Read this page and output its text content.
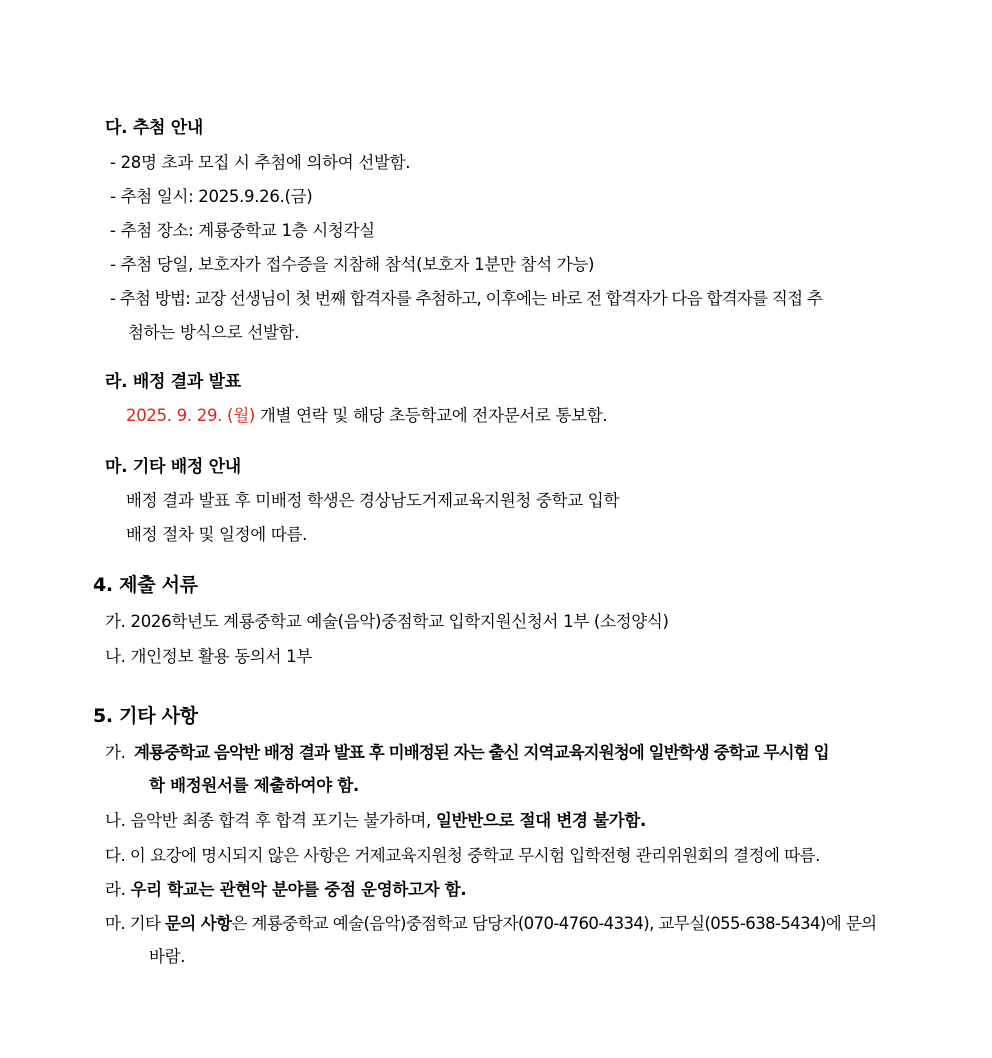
다. 추첨 안내
- 28명 초과 모집 시 추첨에 의하여 선발함.
- 추첨 일시: 2025.9.26.(금)
- 추첨 장소: 계룡중학교 1층 시청각실
- 추첨 당일, 보호자가 접수증을 지참해 참석(보호자 1분만 참석 가능)
- 추첨 방법: 교장 선생님이 첫 번째 합격자를 추첨하고, 이후에는 바로 전 합격자가 다음 합격자를 직접 추
첨하는 방식으로 선발함.
라. 배정 결과 발표
2025. 9. 29. (월) 개별 연락 및 해당 초등학교에 전자문서로 통보함.
마. 기타 배정 안내
배정 결과 발표 후 미배정 학생은 경상남도거제교육지원청 중학교 입학
배정 절차 및 일정에 따름.
4. 제출 서류
가. 2026학년도 계룡중학교 예술(음악)중점학교 입학지원신청서 1부 (소정양식)
나. 개인정보 활용 동의서 1부
5. 기타 사항
가. 계룡중학교 음악반 배정 결과 발표 후 미배정된 자는 출신 지역교육지원청에 일반학생 중학교 무시험 입
학 배정원서를 제출하여야 함.
나. 음악반 최종 합격 후 합격 포기는 불가하며, 일반반으로 절대 변경 불가함.
다. 이 요강에 명시되지 않은 사항은 거제교육지원청 중학교 무시험 입학전형 관리위원회의 결정에 따름.
라. 우리 학교는 관현악 분야를 중점 운영하고자 함.
마. 기타 문의 사항은 계룡중학교 예술(음악)중점학교 담당자(070-4760-4334), 교무실(055-638-5434)에 문의
바람.
